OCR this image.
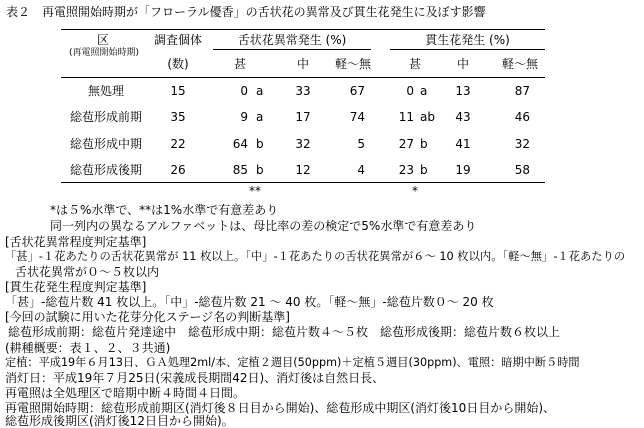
表２　再電照開始時期が「フローラル優香」の舌状花の異常及び貫生花発生に及ぼす影響
区
(再電照開始時期)
調査個体
(数)
舌状花異常発生 (%)	貫生花発生 (%)
甚	中	軽～無	甚	中	軽～無
無処理	15	0 a	33	67	0 a	13	87
総苞形成前期	35	9 a	17	74	11 ab	43	46
総苞形成中期	22	64 b	32	5	27 b	41	32
総苞形成後期	26	85 b	12	4	23 b	19	58
**	*
*は５%水準で、**は1%水準で有意差あり
同一列内の異なるアルファベットは、母比率の差の検定で5%水準で有意差あり
[舌状花異常程度判定基準]
「甚」-１花あたりの舌状花異常が 11 枚以上。「中」-１花あたりの舌状花異常が６～ 10 枚以内。「軽～無」-１花あたりの
舌状花異常が０～５枚以内
[貫生花発生程度判定基準]
「甚」-総苞片数 41 枚以上。「中」-総苞片数 21 ～ 40 枚。「軽～無」-総苞片数０～ 20 枚
[今回の試験に用いた花芽分化ステージ名の判断基準]
総苞形成前期：総苞片発達途中　総苞形成中期：総苞片数４～５枚　総苞形成後期：総苞片数６枚以上
(耕種概要：表１、２、３共通)
定植：平成19年６月13日、ＧＡ処理2ml/本、定植２週目(50ppm)＋定植５週目(30ppm)、電照：暗期中断５時間
消灯日：平成19年７月25日(宋義成長期間42日)、消灯後は自然日長、
再電照は全処理区で暗期中断４時間４日間。
再電照開始時期：総苞形成前期区(消灯後８日目から開始)、総苞形成中期区(消灯後10日目から開始)、
総苞形成後期区(消灯後12日目から開始)。
